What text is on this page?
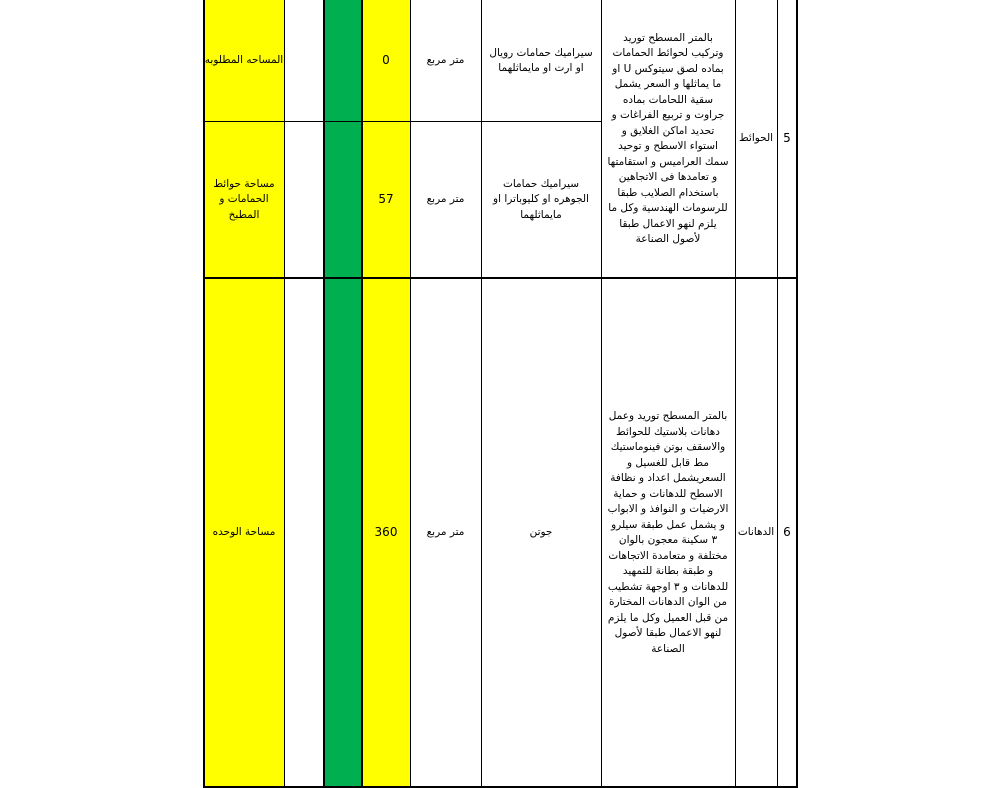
المساحه المطلوبه
مساحة حوائط الحمامات و المطبخ
مساحة الوحده
0
57
360
متر مربع
متر مربع
متر مربع
سيراميك حمامات رويال او ارت او مايماثلهما
سيراميك حمامات الجوهره او كليوباترا او مايماثلهما
جوتن
بالمتر المسطح توريد وتركيب لحوائط الحمامات بماده لصق سيتوكس U او ما يماثلها و السعر يشمل سقية اللحامات بماده جراوت و تربيع الفراغات و تحديد اماكن الغلايق و استواء الاسطح و توحيد سمك العراميس و استقامتها و تعامدها فى الاتجاهين باستخدام الصلايب طبقا للرسومات الهندسية وكل ما يلزم لنهو الاعمال طبقا لأصول الصناعة
بالمتر المسطح توريد وعمل دهانات بلاستيك للحوائط والاسقف بوتن فينوماستيك مط قابل للغسيل و السعريشمل اعداد و نظافة الاسطح للدهانات و حماية الارضيات و النوافذ و الابواب و يشمل عمل طبقة سيلرو ٣ سكينة معجون بالوان مختلفة و متعامدة الاتجاهات و طبقة بطانة للتمهيد للدهانات و ٣ اوجهة تشطيب من الوان الدهانات المختارة من قبل العميل وكل ما يلزم لنهو الاعمال طبقا لأصول الصناعة
الحوائط
الدهانات
5
6
